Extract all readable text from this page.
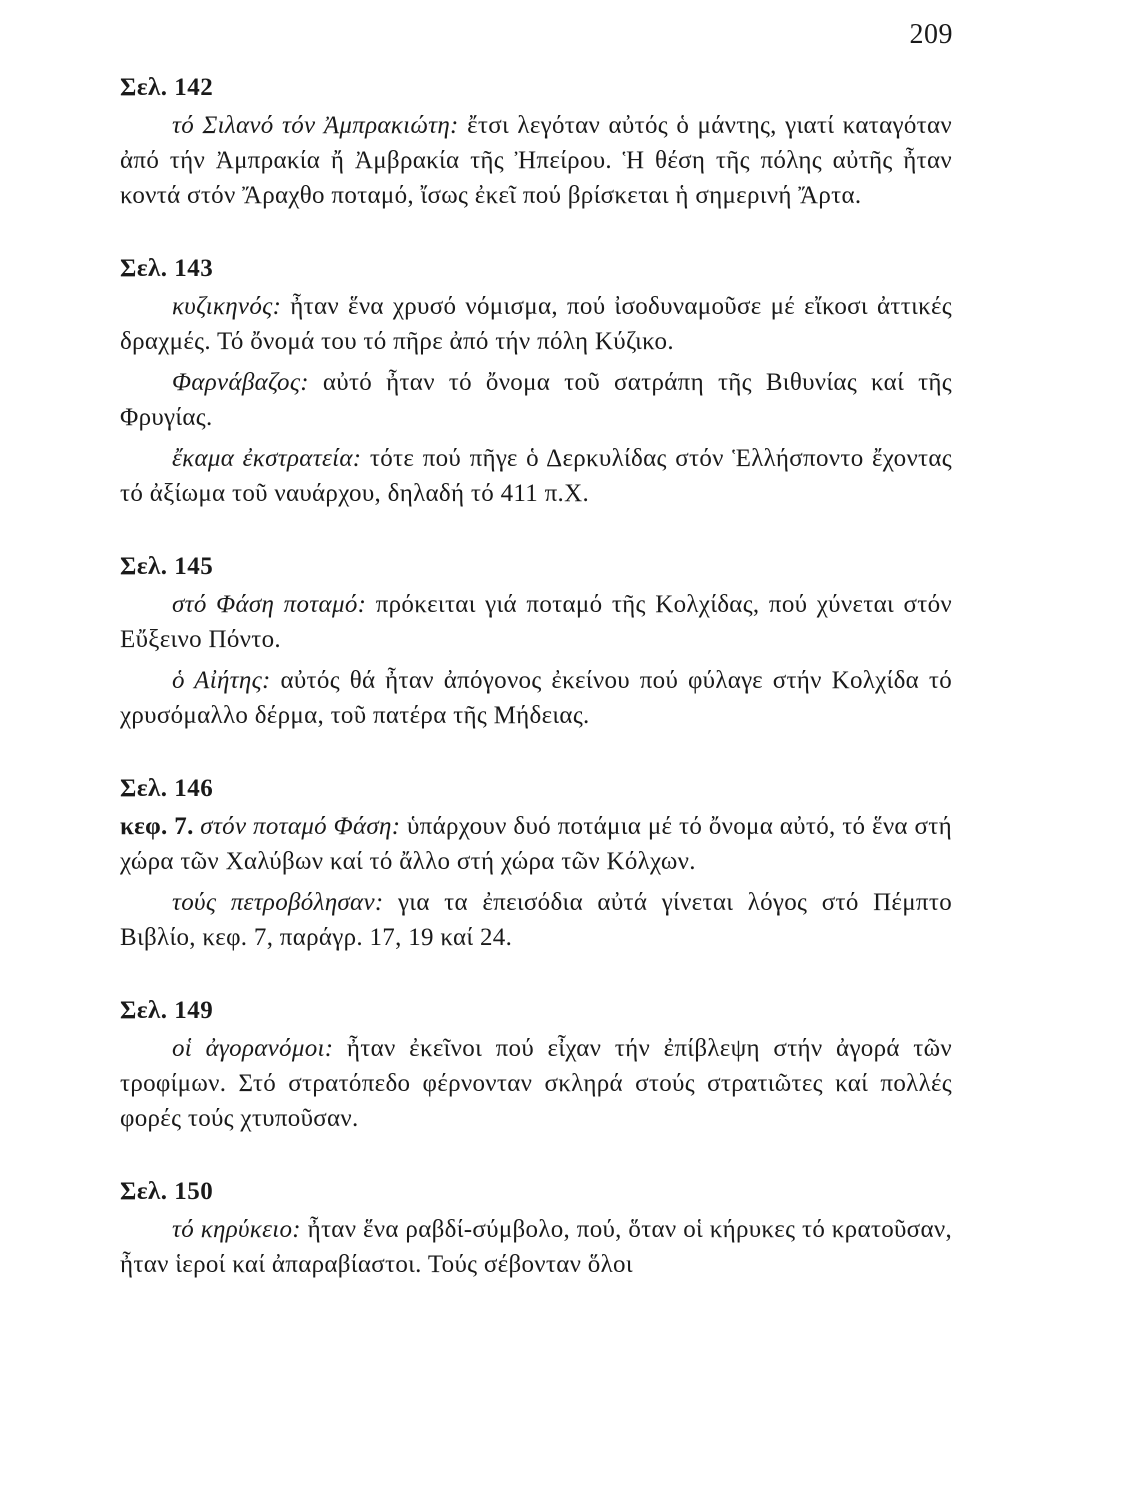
209
Σελ. 142

τό Σιλανό τόν Ἀμπρακιώτη: ἔτσι λεγόταν αὐτός ὁ μάντης, γιατί καταγόταν ἀπό τήν Ἀμπρακία ἤ Ἀμβρακία τῆς Ἠπείρου. Ἡ θέση τῆς πόλης αὐτῆς ἦταν κοντά στόν Ἄραχθο ποταμό, ἴσως ἐκεῖ πού βρίσκεται ἡ σημερινή Ἄρτα.

Σελ. 143

κυζικηνός: ἦταν ἕνα χρυσό νόμισμα, πού ἰσοδυναμοῦσε μέ εἴκοσι ἀττικές δραχμές. Τό ὄνομά του τό πῆρε ἀπό τήν πόλη Κύζικο.

Φαρνάβαζος: αὐτό ἦταν τό ὄνομα τοῦ σατράπη τῆς Βιθυνίας καί τῆς Φρυγίας.

ἔκαμα ἐκστρατεία: τότε πού πῆγε ὁ Δερκυλίδας στόν Ἑλλήσποντο ἔχοντας τό ἀξίωμα τοῦ ναυάρχου, δηλαδή τό 411 π.Χ.

Σελ. 145

στό Φάση ποταμό: πρόκειται γιά ποταμό τῆς Κολχίδας, πού χύνεται στόν Εὔξεινο Πόντο.

ὁ Αἰήτης: αὐτός θά ἦταν ἀπόγονος ἐκείνου πού φύλαγε στήν Κολχίδα τό χρυσόμαλλο δέρμα, τοῦ πατέρα τῆς Μήδειας.

Σελ. 146

κεφ. 7. στόν ποταμό Φάση: ὑπάρχουν δυό ποτάμια μέ τό ὄνομα αὐτό, τό ἕνα στή χώρα τῶν Χαλύβων καί τό ἄλλο στή χώρα τῶν Κόλχων.

τούς πετροβόλησαν: για τα ἐπεισόδια αὐτά γίνεται λόγος στό Πέμπτο Βιβλίο, κεφ. 7, παράγρ. 17, 19 καί 24.

Σελ. 149

οἱ ἀγορανόμοι: ἦταν ἐκεῖνοι πού εἶχαν τήν ἐπίβλεψη στήν ἀγορά τῶν τροφίμων. Στό στρατόπεδο φέρνονταν σκληρά στούς στρατιῶτες καί πολλές φορές τούς χτυποῦσαν.

Σελ. 150

τό κηρύκειο: ἦταν ἕνα ραβδί-σύμβολο, πού, ὅταν οἱ κήρυκες τό κρατοῦσαν, ἦταν ἱεροί καί ἀπαραβίαστοι. Τούς σέβονταν ὅλοι
